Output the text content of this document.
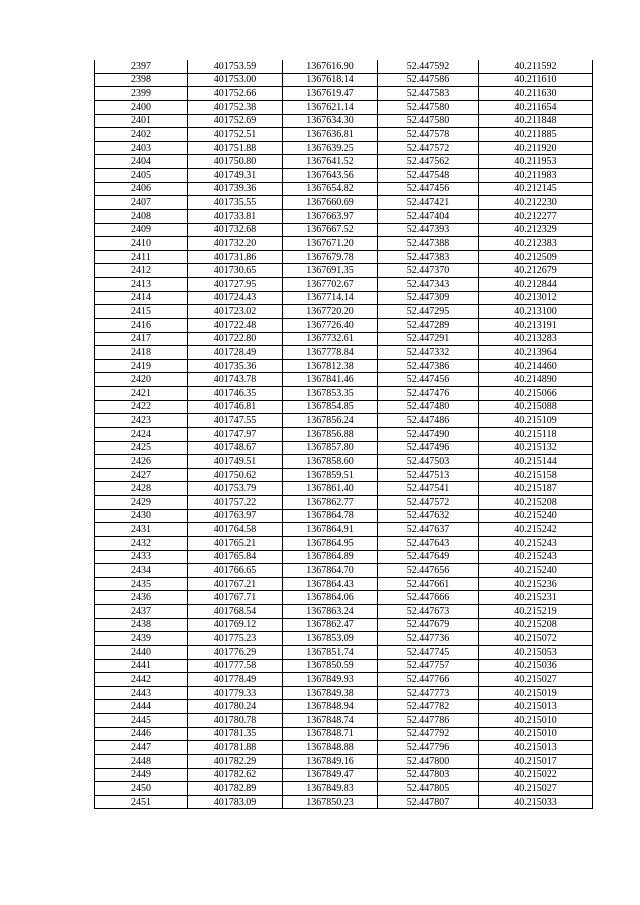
2397	401753.59	1367616.90	52.447592	40.211592
2398	401753.00	1367618.14	52.447586	40.211610
2399	401752.66	1367619.47	52.447583	40.211630
2400	401752.38	1367621.14	52.447580	40.211654
2401	401752.69	1367634.30	52.447580	40.211848
2402	401752.51	1367636.81	52.447578	40.211885
2403	401751.88	1367639.25	52.447572	40.211920
2404	401750.80	1367641.52	52.447562	40.211953
2405	401749.31	1367643.56	52.447548	40.211983
2406	401739.36	1367654.82	52.447456	40.212145
2407	401735.55	1367660.69	52.447421	40.212230
2408	401733.81	1367663.97	52.447404	40.212277
2409	401732.68	1367667.52	52.447393	40.212329
2410	401732.20	1367671.20	52.447388	40.212383
2411	401731.86	1367679.78	52.447383	40.212509
2412	401730.65	1367691.35	52.447370	40.212679
2413	401727.95	1367702.67	52.447343	40.212844
2414	401724.43	1367714.14	52.447309	40.213012
2415	401723.02	1367720.20	52.447295	40.213100
2416	401722.48	1367726.40	52.447289	40.213191
2417	401722.80	1367732.61	52.447291	40.213283
2418	401728.49	1367778.84	52.447332	40.213964
2419	401735.36	1367812.38	52.447386	40.214460
2420	401743.78	1367841.46	52.447456	40.214890
2421	401746.35	1367853.35	52.447476	40.215066
2422	401746.81	1367854.85	52.447480	40.215088
2423	401747.55	1367856.24	52.447486	40.215109
2424	401747.97	1367856.88	52.447490	40.215118
2425	401748.67	1367857.80	52.447496	40.215132
2426	401749.51	1367858.60	52.447503	40.215144
2427	401750.62	1367859.51	52.447513	40.215158
2428	401753.79	1367861.40	52.447541	40.215187
2429	401757.22	1367862.77	52.447572	40.215208
2430	401763.97	1367864.78	52.447632	40.215240
2431	401764.58	1367864.91	52.447637	40.215242
2432	401765.21	1367864.95	52.447643	40.215243
2433	401765.84	1367864.89	52.447649	40.215243
2434	401766.65	1367864.70	52.447656	40.215240
2435	401767.21	1367864.43	52.447661	40.215236
2436	401767.71	1367864.06	52.447666	40.215231
2437	401768.54	1367863.24	52.447673	40.215219
2438	401769.12	1367862.47	52.447679	40.215208
2439	401775.23	1367853.09	52.447736	40.215072
2440	401776.29	1367851.74	52.447745	40.215053
2441	401777.58	1367850.59	52.447757	40.215036
2442	401778.49	1367849.93	52.447766	40.215027
2443	401779.33	1367849.38	52.447773	40.215019
2444	401780.24	1367848.94	52.447782	40.215013
2445	401780.78	1367848.74	52.447786	40.215010
2446	401781.35	1367848.71	52.447792	40.215010
2447	401781.88	1367848.88	52.447796	40.215013
2448	401782.29	1367849.16	52.447800	40.215017
2449	401782.62	1367849.47	52.447803	40.215022
2450	401782.89	1367849.83	52.447805	40.215027
2451	401783.09	1367850.23	52.447807	40.215033
